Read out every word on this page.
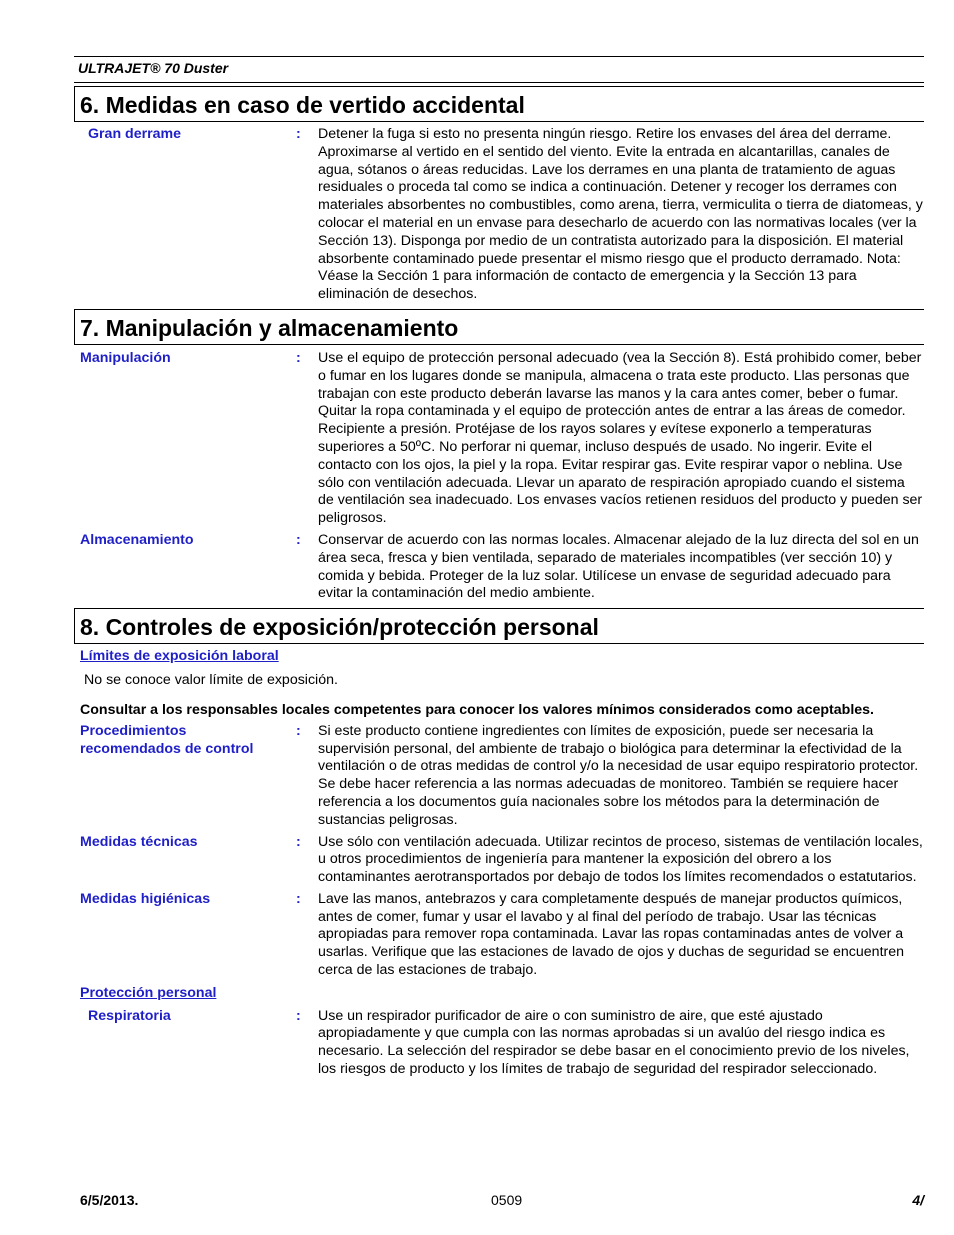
ULTRAJET® 70 Duster
6. Medidas en caso de vertido accidental
Gran derrame	:	Detener la fuga si esto no presenta ningún riesgo. Retire los envases del área del derrame. Aproximarse al vertido en el sentido del viento. Evite la entrada en alcantarillas, canales de agua, sótanos o áreas reducidas. Lave los derrames en una planta de tratamiento de aguas residuales o proceda tal como se indica a continuación. Detener y recoger los derrames con materiales absorbentes no combustibles, como arena, tierra, vermiculita o tierra de diatomeas, y colocar el material en un envase para desecharlo de acuerdo con las normativas locales (ver la Sección 13). Disponga por medio de un contratista autorizado para la disposición. El material absorbente contaminado puede presentar el mismo riesgo que el producto derramado. Nota: Véase la Sección 1 para información de contacto de emergencia y la Sección 13 para eliminación de desechos.
7. Manipulación y almacenamiento
Manipulación	:	Use el equipo de protección personal adecuado (vea la Sección 8). Está prohibido comer, beber o fumar en los lugares donde se manipula, almacena o trata este producto. Llas personas que trabajan con este producto deberán lavarse las manos y la cara antes comer, beber o fumar. Quitar la ropa contaminada y el equipo de protección antes de entrar a las áreas de comedor. Recipiente a presión. Protéjase de los rayos solares y evítese exponerlo a temperaturas superiores a 50ºC. No perforar ni quemar, incluso después de usado. No ingerir. Evite el contacto con los ojos, la piel y la ropa. Evitar respirar gas. Evite respirar vapor o neblina. Use sólo con ventilación adecuada. Llevar un aparato de respiración apropiado cuando el sistema de ventilación sea inadecuado. Los envases vacíos retienen residuos del producto y pueden ser peligrosos.
Almacenamiento	:	Conservar de acuerdo con las normas locales. Almacenar alejado de la luz directa del sol en un área seca, fresca y bien ventilada, separado de materiales incompatibles (ver sección 10) y comida y bebida. Proteger de la luz solar. Utilícese un envase de seguridad adecuado para evitar la contaminación del medio ambiente.
8. Controles de exposición/protección personal
Límites de exposición laboral
No se conoce valor límite de exposición.
Consultar a los responsables locales competentes para conocer los valores mínimos considerados como aceptables.
Procedimientos recomendados de control
:	Si este producto contiene ingredientes con límites de exposición, puede ser necesaria la supervisión personal, del ambiente de trabajo o biológica para determinar la efectividad de la ventilación o de otras medidas de control y/o la necesidad de usar equipo respiratorio protector. Se debe hacer referencia a las normas adecuadas de monitoreo. También se requiere hacer referencia a los documentos guía nacionales sobre los métodos para la determinación de sustancias peligrosas.
Medidas técnicas	:	Use sólo con ventilación adecuada. Utilizar recintos de proceso, sistemas de ventilación locales, u otros procedimientos de ingeniería para mantener la exposición del obrero a los contaminantes aerotransportados por debajo de todos los límites recomendados o estatutarios.
Medidas higiénicas	:	Lave las manos, antebrazos y cara completamente después de manejar productos químicos, antes de comer, fumar y usar el lavabo y al final del período de trabajo. Usar las técnicas apropiadas para remover ropa contaminada. Lavar las ropas contaminadas antes de volver a usarlas. Verifique que las estaciones de lavado de ojos y duchas de seguridad se encuentren cerca de las estaciones de trabajo.
Protección personal
Respiratoria	:	Use un respirador purificador de aire o con suministro de aire, que esté ajustado apropiadamente y que cumpla con las normas aprobadas si un avalúo del riesgo indica es necesario. La selección del respirador se debe basar en el conocimiento previo de los niveles, los riesgos de producto y los límites de trabajo de seguridad del respirador seleccionado.
6/5/2013.	0509	4/
